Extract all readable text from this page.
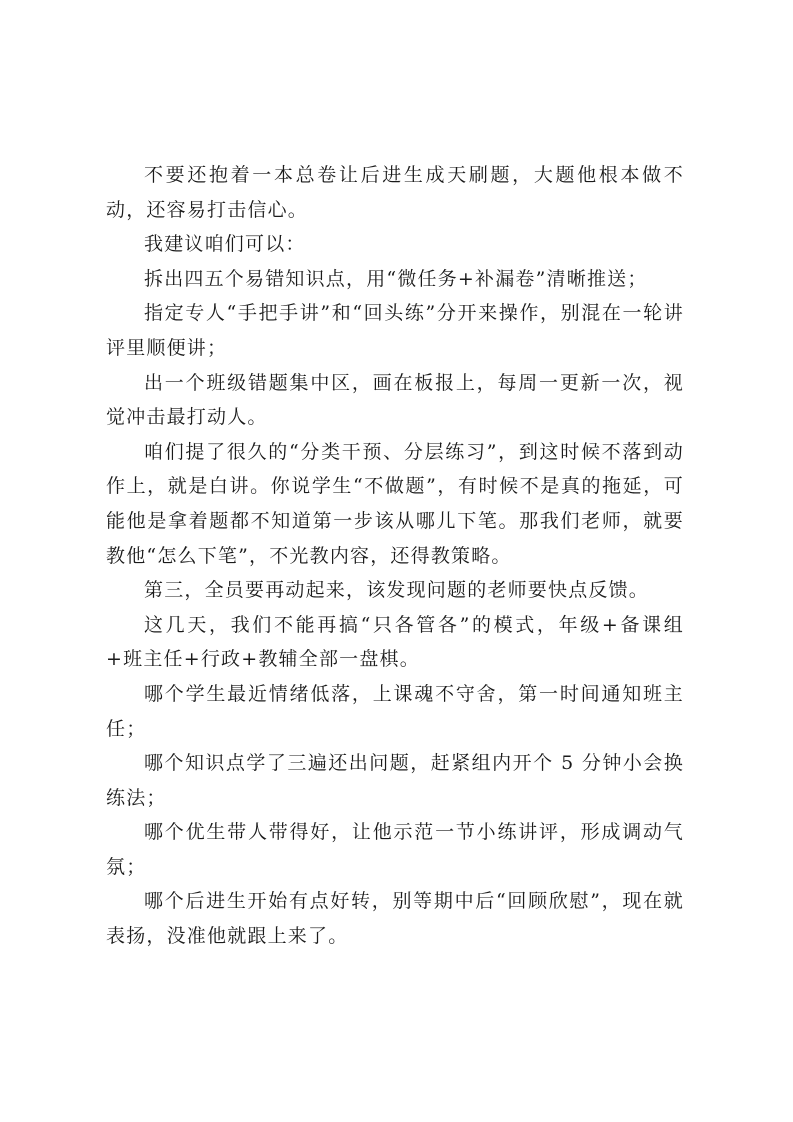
不要还抱着一本总卷让后进生成天刷题，大题他根本做不动，还容易打击信心。

我建议咱们可以：

拆出四五个易错知识点，用“微任务+补漏卷”清晰推送；

指定专人“手把手讲”和“回头练”分开来操作，别混在一轮讲评里顺便讲；

出一个班级错题集中区，画在板报上，每周一更新一次，视觉冲击最打动人。

咱们提了很久的“分类干预、分层练习”，到这时候不落到动作上，就是白讲。你说学生“不做题”，有时候不是真的拖延，可能他是拿着题都不知道第一步该从哪儿下笔。那我们老师，就要教他“怎么下笔”，不光教内容，还得教策略。

第三，全员要再动起来，该发现问题的老师要快点反馈。

这几天，我们不能再搞“只各管各”的模式，年级+备课组+班主任+行政+教辅全部一盘棋。

哪个学生最近情绪低落，上课魂不守舍，第一时间通知班主任；

哪个知识点学了三遍还出问题，赶紧组内开个 5 分钟小会换练法；

哪个优生带人带得好，让他示范一节小练讲评，形成调动气氛；

哪个后进生开始有点好转，别等期中后“回顾欣慰”，现在就表扬，没准他就跟上来了。
